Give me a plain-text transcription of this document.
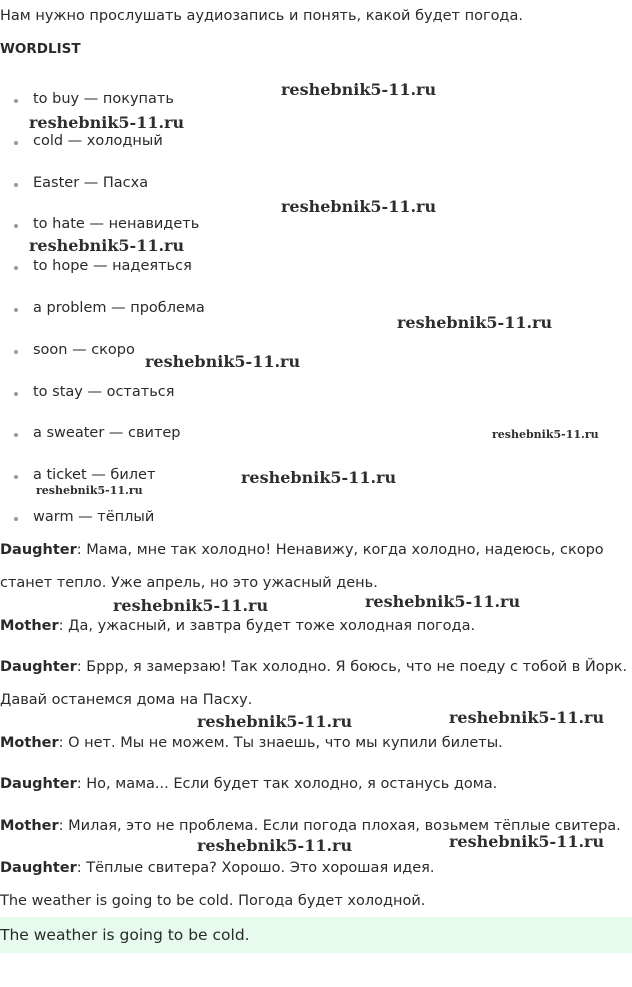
Нам нужно прослушать аудиозапись и понять, какой будет погода.
WORDLIST
to buy — покупать
cold — холодный
Easter — Пасха
to hate — ненавидеть
to hope — надеяться
a problem — проблема
soon — скоро
to stay — остаться
a sweater — свитер
a ticket — билет
warm — тёплый
Daughter: Мама, мне так холодно! Ненавижу, когда холодно, надеюсь, скоро
станет тепло. Уже апрель, но это ужасный день.
Mother: Да, ужасный, и завтра будет тоже холодная погода.
Daughter: Бррр, я замерзаю! Так холодно. Я боюсь, что не поеду с тобой в Йорк.
Давай останемся дома на Пасху.
Mother: О нет. Мы не можем. Ты знаешь, что мы купили билеты.
Daughter: Но, мама... Если будет так холодно, я останусь дома.
Mother: Милая, это не проблема. Если погода плохая, возьмем тёплые свитера.
Daughter: Тёплые свитера? Хорошо. Это хорошая идея.
The weather is going to be cold. Погода будет холодной.
The weather is going to be cold.
reshebnik5-11.ru
reshebnik5-11.ru
reshebnik5-11.ru
reshebnik5-11.ru
reshebnik5-11.ru
reshebnik5-11.ru
reshebnik5-11.ru
reshebnik5-11.ru
reshebnik5-11.ru
reshebnik5-11.ru
reshebnik5-11.ru
reshebnik5-11.ru
reshebnik5-11.ru
reshebnik5-11.ru
reshebnik5-11.ru
